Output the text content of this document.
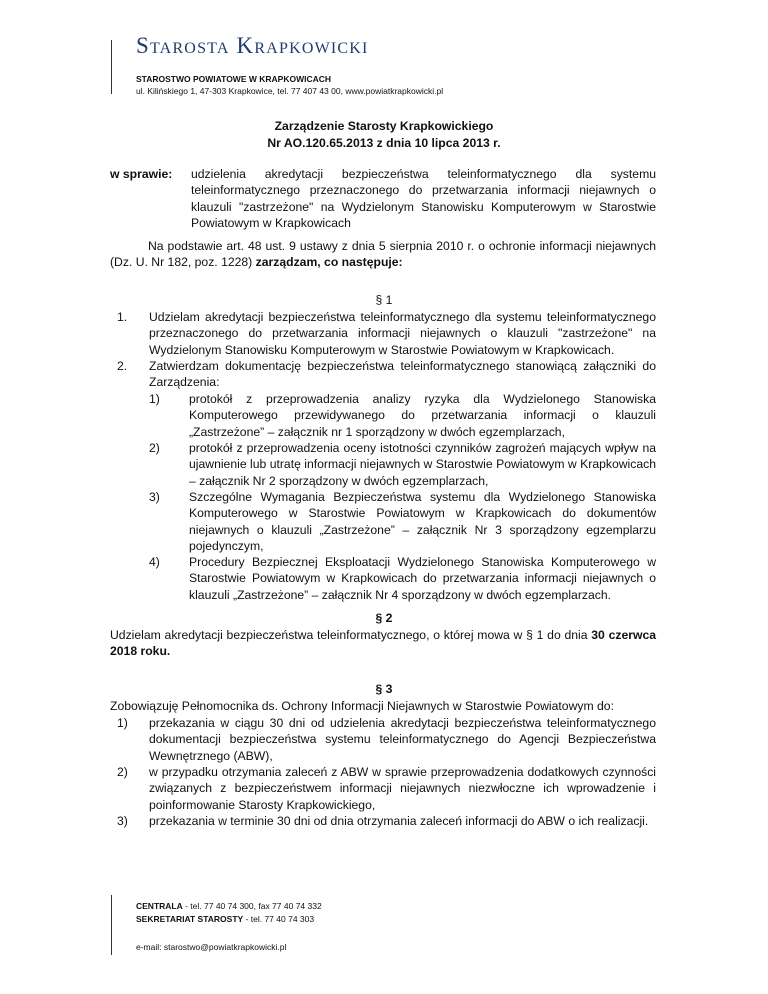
Starosta Krapkowicki
STAROSTWO POWIATOWE W KRAPKOWICACH
ul. Kilińskiego 1, 47-303 Krapkowice, tel. 77 407 43 00, www.powiatkrapkowicki.pl
Zarządzenie Starosty Krapkowickiego
Nr AO.120.65.2013 z dnia 10 lipca 2013 r.
w sprawie:	udzielenia akredytacji bezpieczeństwa teleinformatycznego dla systemu teleinformatycznego przeznaczonego do przetwarzania informacji niejawnych o klauzuli "zastrzeżone" na Wydzielonym Stanowisku Komputerowym w Starostwie Powiatowym w Krapkowicach
Na podstawie art. 48 ust. 9 ustawy z dnia 5 sierpnia 2010 r. o ochronie informacji niejawnych (Dz. U. Nr 182, poz. 1228) zarządzam, co następuje:
§ 1
1. Udzielam akredytacji bezpieczeństwa teleinformatycznego dla systemu teleinformatycznego przeznaczonego do przetwarzania informacji niejawnych o klauzuli "zastrzeżone" na Wydzielonym Stanowisku Komputerowym w Starostwie Powiatowym w Krapkowicach.
2. Zatwierdzam dokumentację bezpieczeństwa teleinformatycznego stanowiącą załączniki do Zarządzenia:
1) protokół z przeprowadzenia analizy ryzyka dla Wydzielonego Stanowiska Komputerowego przewidywanego do przetwarzania informacji o klauzuli „Zastrzeżone” – załącznik nr 1 sporządzony w dwóch egzemplarzach,
2) protokół z przeprowadzenia oceny istotności czynników zagrożeń mających wpływ na ujawnienie lub utratę informacji niejawnych w Starostwie Powiatowym w Krapkowicach – załącznik Nr 2 sporządzony w dwóch egzemplarzach,
3) Szczególne Wymagania Bezpieczeństwa systemu dla Wydzielonego Stanowiska Komputerowego w Starostwie Powiatowym w Krapkowicach do dokumentów niejawnych o klauzuli „Zastrzeżone” – załącznik Nr 3 sporządzony egzemplarzu pojedynczym,
4) Procedury Bezpiecznej Eksploatacji Wydzielonego Stanowiska Komputerowego w Starostwie Powiatowym w Krapkowicach do przetwarzania informacji niejawnych o klauzuli „Zastrzeżone” – załącznik Nr 4 sporządzony w dwóch egzemplarzach.
§ 2
Udzielam akredytacji bezpieczeństwa teleinformatycznego, o której mowa w § 1 do dnia 30 czerwca 2018 roku.
§ 3
Zobowiązuję Pełnomocnika ds. Ochrony Informacji Niejawnych w Starostwie Powiatowym do:
1) przekazania w ciągu 30 dni od udzielenia akredytacji bezpieczeństwa teleinformatycznego dokumentacji bezpieczeństwa systemu teleinformatycznego do Agencji Bezpieczeństwa Wewnętrznego (ABW),
2) w przypadku otrzymania zaleceń z ABW w sprawie przeprowadzenia dodatkowych czynności związanych z bezpieczeństwem informacji niejawnych niezwłoczne ich wprowadzenie i poinformowanie Starosty Krapkowickiego,
3) przekazania w terminie 30 dni od dnia otrzymania zaleceń informacji do ABW o ich realizacji.
CENTRALA - tel. 77 40 74 300, fax 77 40 74 332
SEKRETARIAT STAROSTY - tel. 77 40 74 303
e-mail: starostwo@powiatkrapkowicki.pl
